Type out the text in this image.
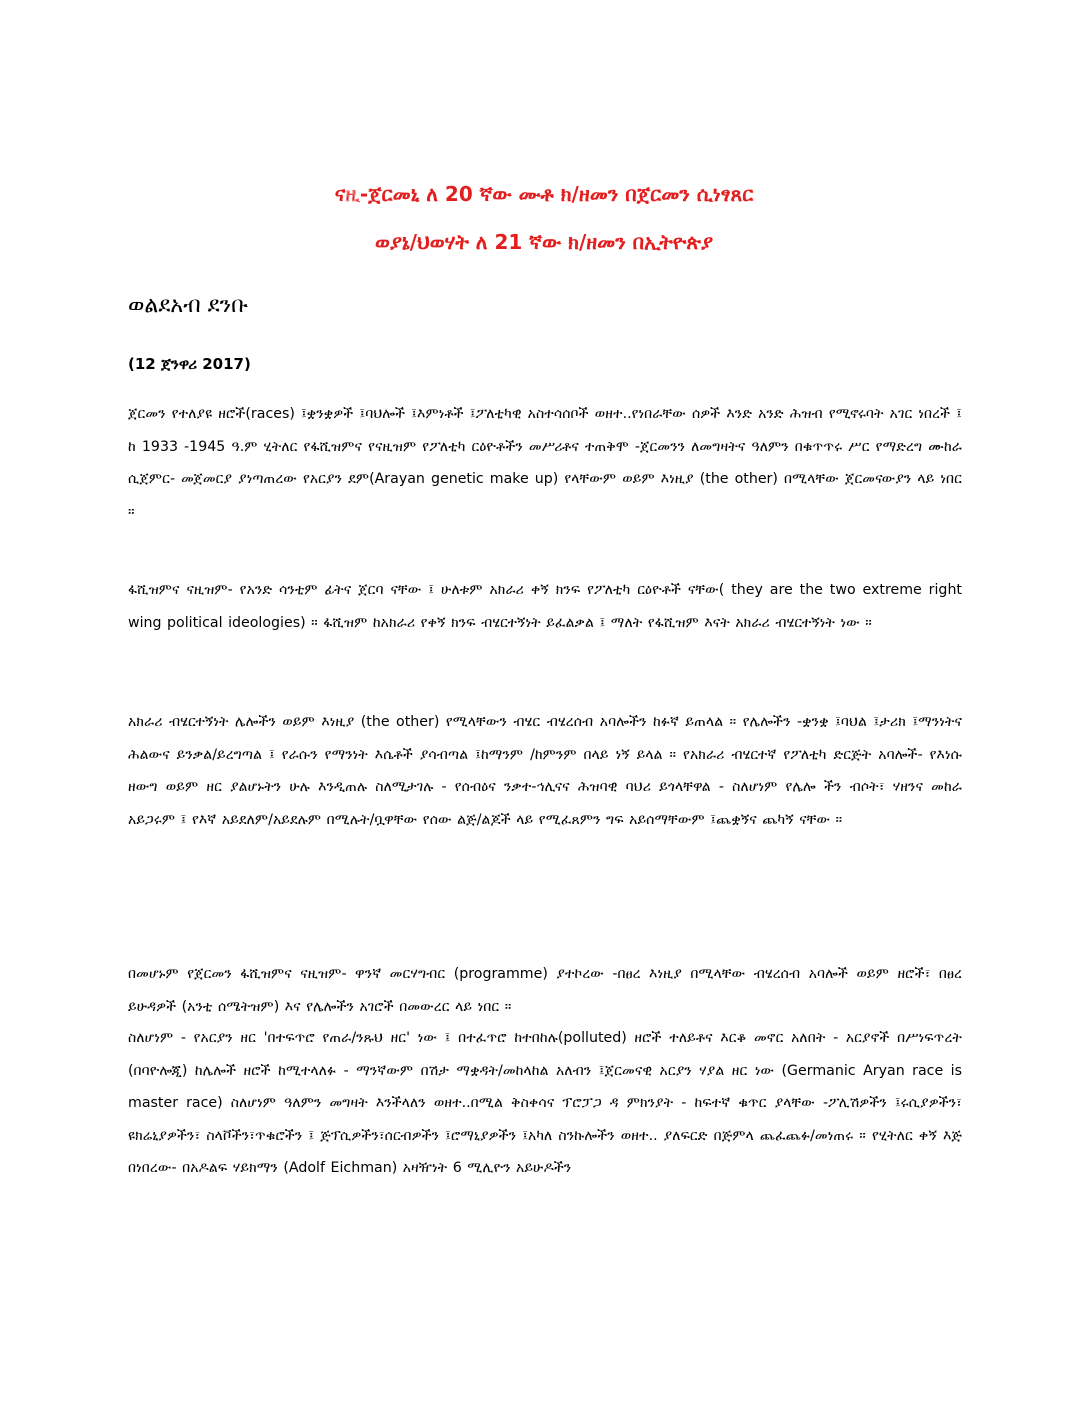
ናዚ-ጀርመኒ ለ 20 ኛው ሙቶ ክ/ዘመን በጀርመን ሲነፃጸር
ወያኔ/ህወሃት ለ 21 ኛው ክ/ዘመን በኢትዮጵያ
ወልደአብ ደንቡ
(12 ጀንዋሪ 2017)
ጀርመን የተለያዩ ዘሮች(races) ፤ቋንቋዎች ፤ባህሎች ፤እምነቶች ፤ፖለቲካዊ አስተሳሰቦች ወዘተ..የነበራቸው ሰዎች እንድ አንድ ሕዝብ የሚኖሩባት አገር ነበረች ፤ ከ 1933 -1945 ዓ.ም ሂትለር የፋሺዝምና የናዚዝም የፖለቲካ ርዕዮቶችን መሥሪቶና ተጠቅሞ -ጀርመንን ለመግዛትና ዓለምን በቁጥጥሩ ሥር የማድረግ ሙከራ ሲጀምር- መጀመርያ ያነጣጠረው የአርያን ደም(Arayan genetic make up) የላቸውም ወይም እነዚያ (the other) በሚላቸው ጀርመናውያን ላይ ነበር ።
ፋሺዝምና ናዚዝም- የአንድ ሳንቲም ፊትና ጀርባ ናቸው ፤ ሁለቱም አክራሪ ቀኝ ክንፍ የፖለቲካ ርዕዮቶች ናቸው( they are the two extreme right wing political ideologies) ። ፋሺዝም ከአክራሪ የቀኝ ክንፍ ብሄርተኝነት ይፈልቃል ፤ ማለት የፋሺዝም እናት አክራሪ ብሄርተኝነት ነው ።
አክራሪ ብሄርተኝነት ሌሎችን ወይም እነዚያ (the other) የሚላቸውን ብሄር ብሄረሰብ አባሎችን ከፉኛ ይጠላል ። የሌሎችን -ቋንቋ ፤ባህል ፤ታሪክ ፤ማንነትና ሕልውና ይንቃል/ይረግጣል ፤ የራሱን የማንነት እሴቶች ያሳብጣል ፤ከማንም /ከምንም በላይ ነኝ ይላል ። የአክራሪ ብሄርተኛ የፖለቲካ ድርጅት አባሎች- የእነሱ ዘውግ ወይም ዘር ያልሆኑትን ሁሉ እንዲጠሉ ስለሚታገሉ - የሰብዕና ንቃተ-ኅሊናና ሕዝባዊ ባህሪ ይጎላቸዋል - ስለሆነም የሌሎ ችን ብሶት፣ ሃዘንና መከራ አይጋሩም ፤ የእኛ አይደለም/አይደሉም በሚሉት/ቧዋቸው የሰው ልጅ/ልጆች ላይ የሚፈጸምን ግፍ አይሰማቸውም ፤ጨቋኝና ጨካኝ ናቸው ።
በመሆኑም የጀርመን ፋሺዝምና ናዚዝም- ዋንኛ መርሃግብር (programme) ያተኮረው -በፀረ እነዚያ በሚላቸው ብሄረሰብ አባሎች ወይም ዘሮች፣ በፀረ ይሁዳዎች (አንቲ ሰሜትዝም) እና የሌሎችን አገሮች በመውረር ላይ ነበር ።
ስለሆነም - የአርያን ዘር 'በተፍጥሮ የጠራ/ንጹህ ዘር' ነው ፤ በተፈጥሮ ከተበከሉ(polluted) ዘሮች ተለይቶና እርቆ መኖር አለበት - አርያኖች በሥነፍጥረት (በባዮሎጂ) ከሌሎች ዘሮች ከሚተላለፉ - ማንኛውም በሽታ ማቋዳት/መከላከል አለብን ፤ጀርመናዊ አርያን ሃያል ዘር ነው (Germanic Aryan race is master race) ስለሆነም ዓለምን መግዛት እንችላለን ወዘተ..በሚል ቅስቀሳና ፕሮፓጋ ዳ ምክንያት - ከፍተኛ ቁጥር ያላቸው -ፖሊሽዎችን ፤ሩሲያዎችን፣ ዩክሬኒያዎችን፣ ስላቮችን፣ጥቁሮችን ፤ ጅፕሲዎችን፣ሰርብዎችን ፤ሮማኒያዎችን ፤አካለ ስንኩሎችን ወዘተ.. ያለፍርድ በጅምላ ጨፈጨፉ/መነጠሩ ። የሂትለር ቀኝ እጅ በነበረው- በአዶልፍ ሃይክማን (Adolf Eichman) አዛዥነት 6 ሚሊዮን አይሁዶችን
